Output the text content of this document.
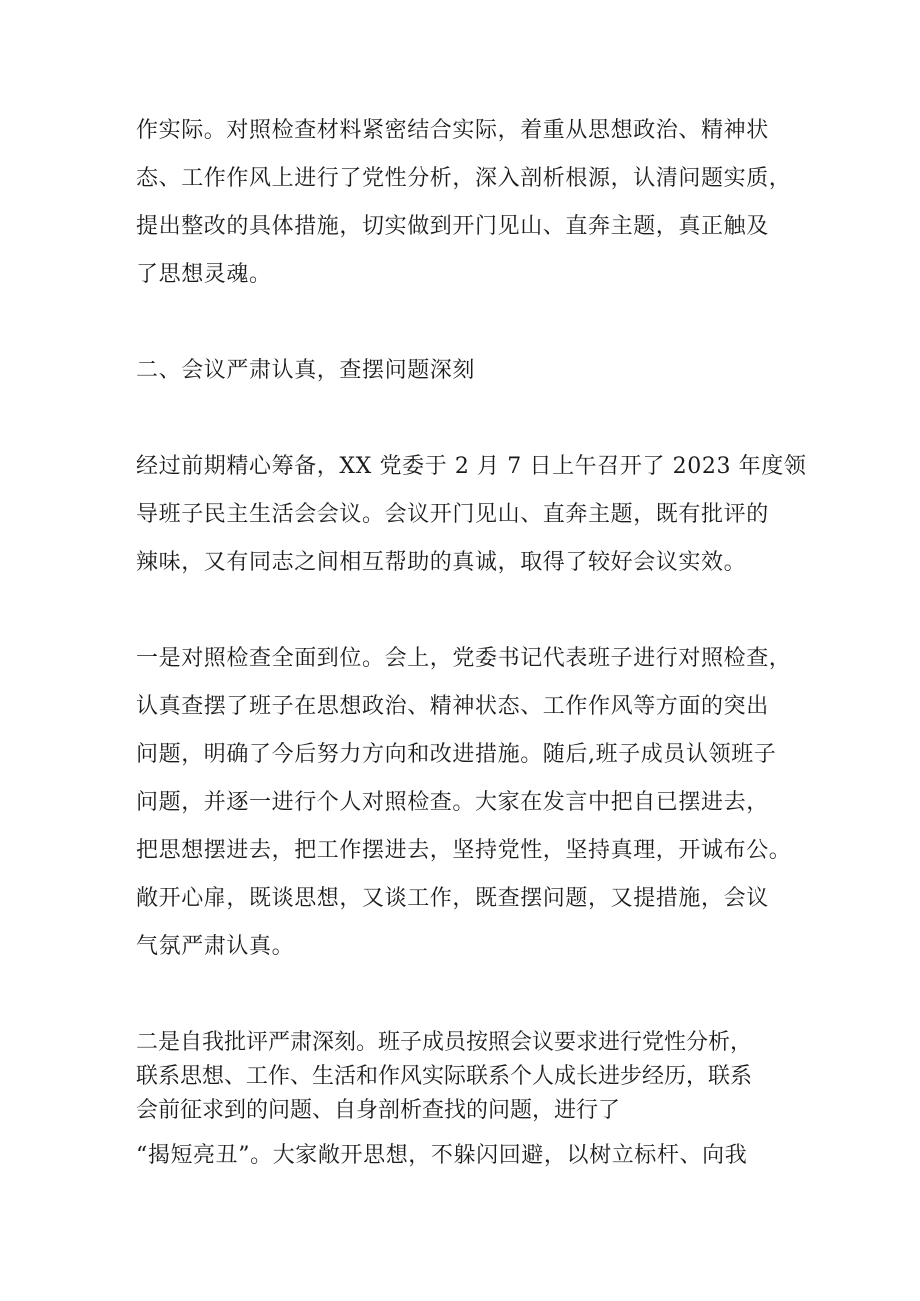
作实际。对照检查材料紧密结合实际，着重从思想政治、精神状
态、工作作风上进行了党性分析，深入剖析根源，认清问题实质，
提出整改的具体措施，切实做到开门见山、直奔主题，真正触及
了思想灵魂。
二、会议严肃认真，查摆问题深刻
经过前期精心筹备，XX 党委于 2 月 7 日上午召开了 2023 年度领
导班子民主生活会会议。会议开门见山、直奔主题，既有批评的
辣味，又有同志之间相互帮助的真诚，取得了较好会议实效。
一是对照检查全面到位。会上，党委书记代表班子进行对照检查，
认真查摆了班子在思想政治、精神状态、工作作风等方面的突出
问题，明确了今后努力方向和改进措施。随后,班子成员认领班子
问题，并逐一进行个人对照检查。大家在发言中把自已摆进去，
把思想摆进去，把工作摆进去，坚持党性，坚持真理，开诚布公。
敞开心扉，既谈思想，又谈工作，既查摆问题，又提措施，会议
气氛严肃认真。
二是自我批评严肃深刻。班子成员按照会议要求进行党性分析，
联系思想、工作、生活和作风实际联系个人成长进步经历，联系
会前征求到的问题、自身剖析查找的问题，进行了
“揭短亮丑”。大家敞开思想，不躲闪回避，以树立标杆、向我
